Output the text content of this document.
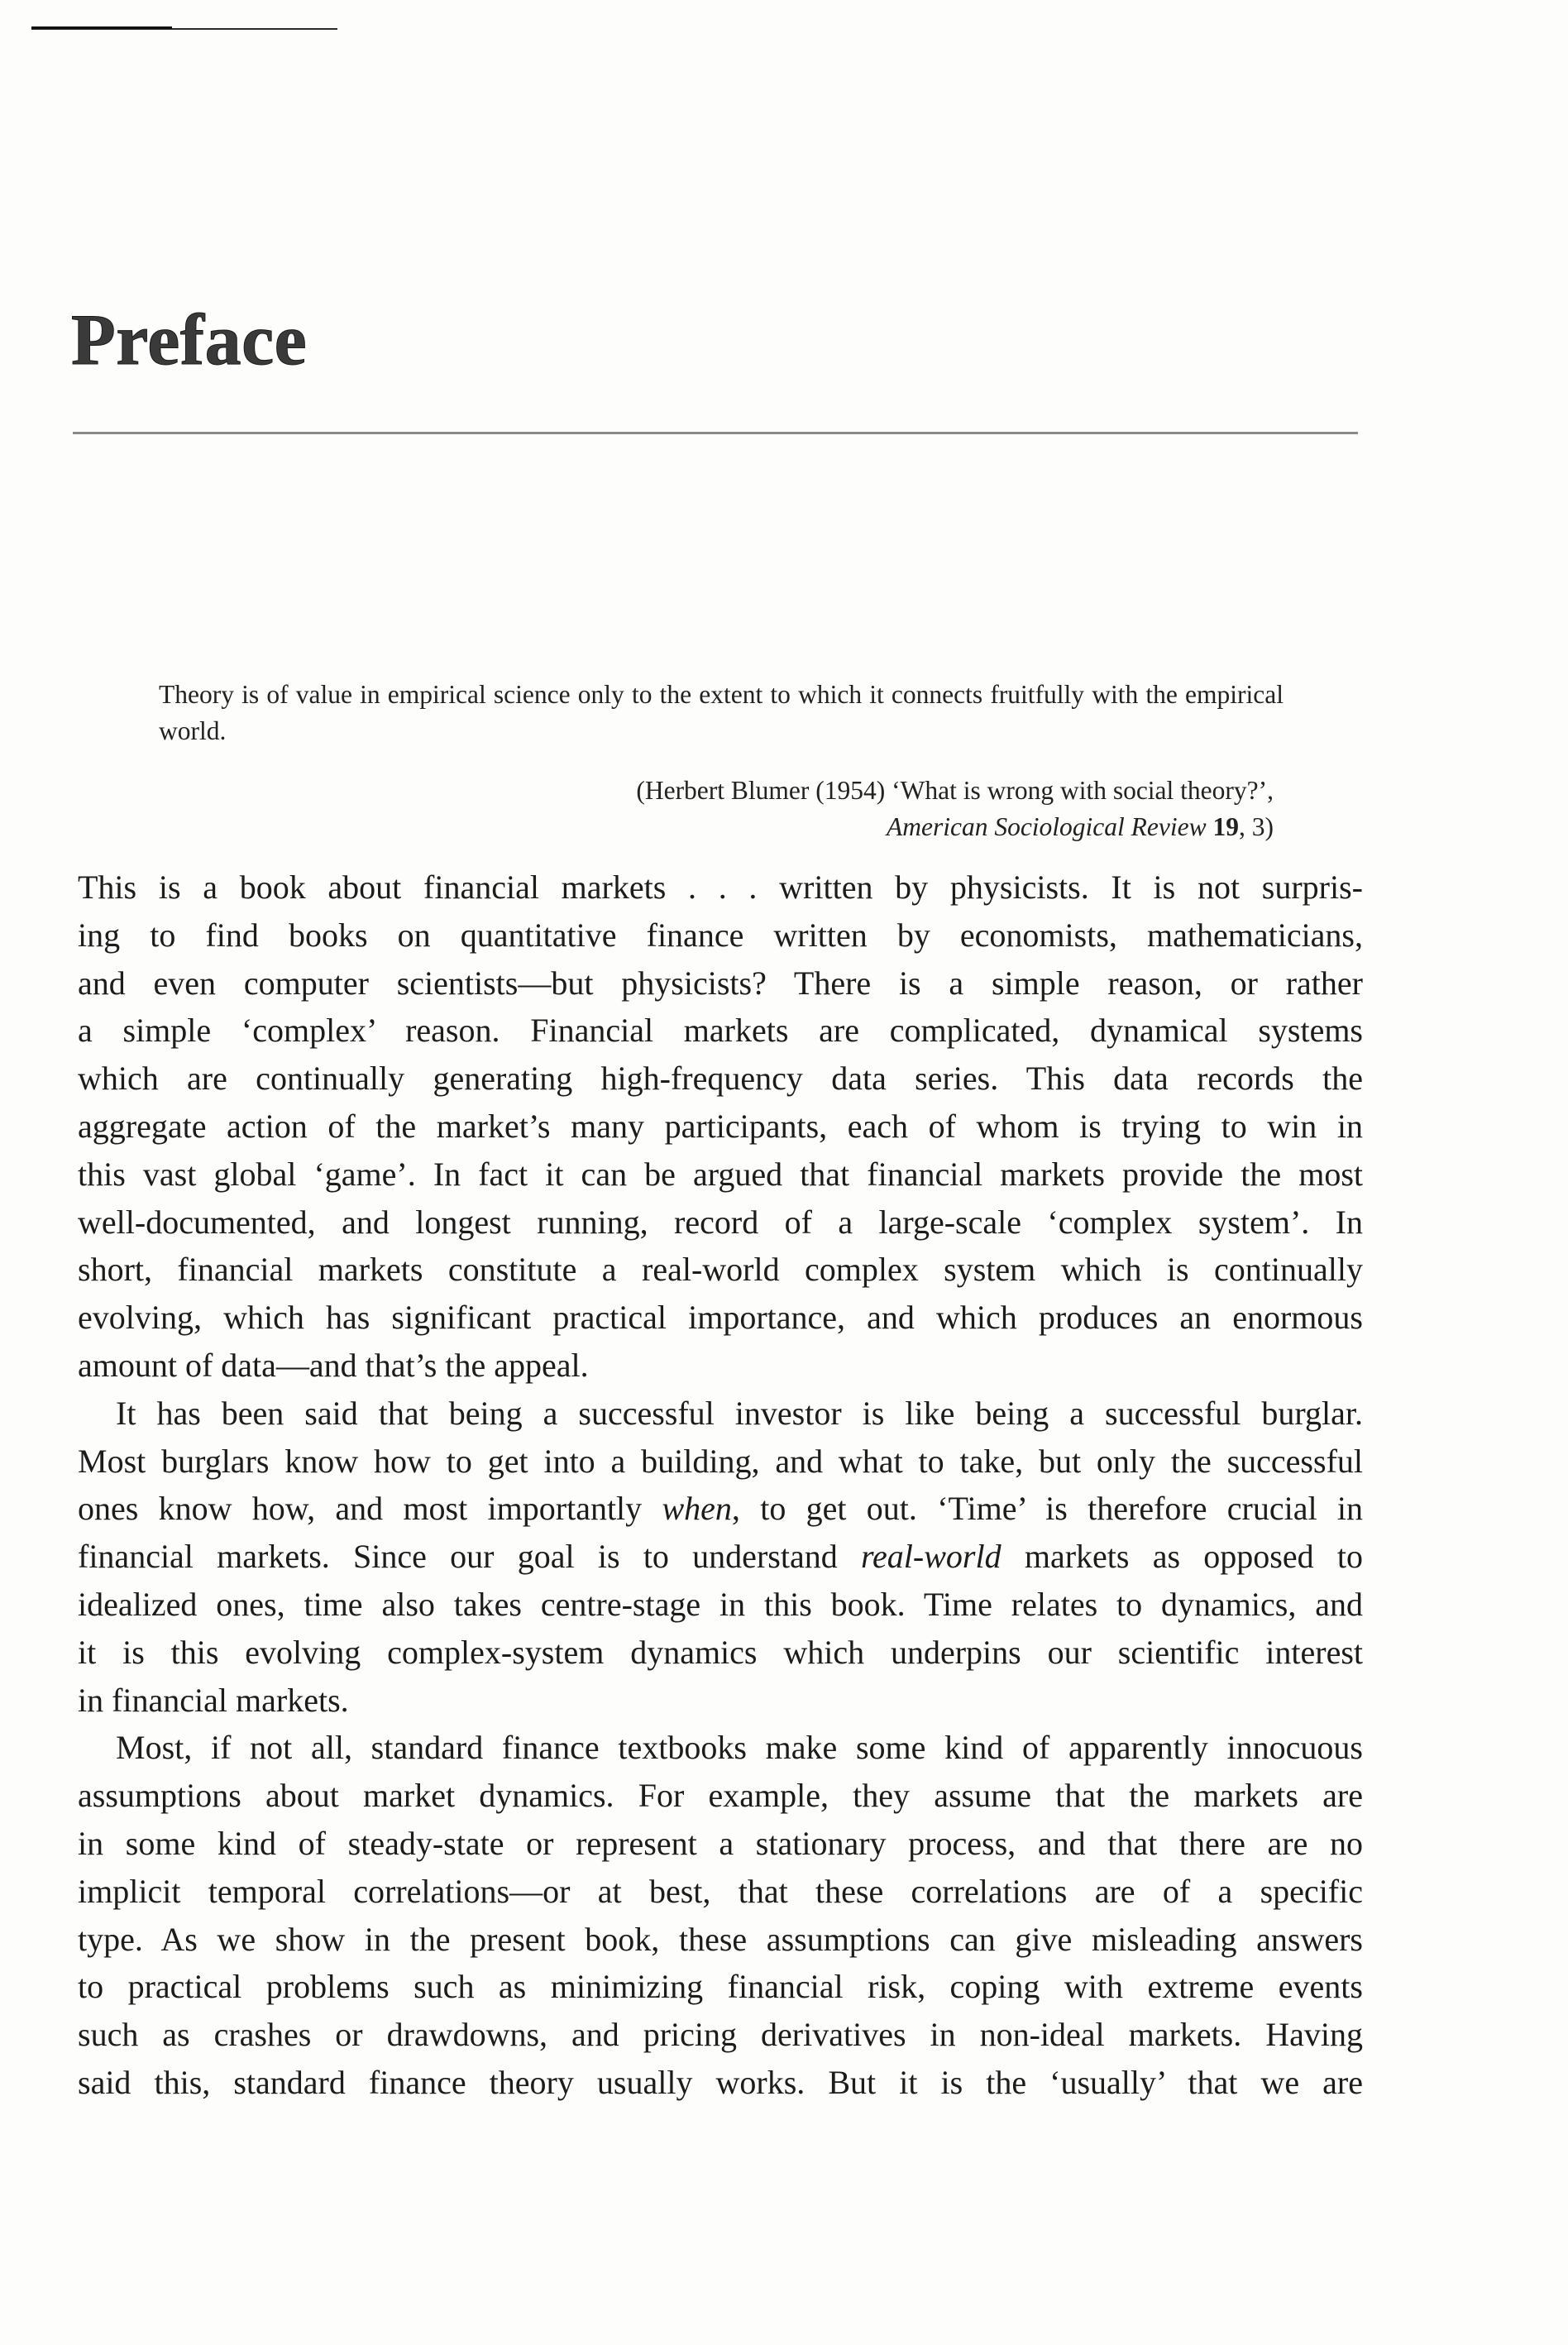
Preface

Theory is of value in empirical science only to the extent to which it connects fruitfully with the empirical world.

(Herbert Blumer (1954) ‘What is wrong with social theory?’,
American Sociological Review 19, 3)
This is a book about financial markets . . . written by physicists. It is not surpris-
ing to find books on quantitative finance written by economists, mathematicians,
and even computer scientists—but physicists? There is a simple reason, or rather
a simple ‘complex’ reason. Financial markets are complicated, dynamical systems
which are continually generating high-frequency data series. This data records the
aggregate action of the market’s many participants, each of whom is trying to win in
this vast global ‘game’. In fact it can be argued that financial markets provide the most
well-documented, and longest running, record of a large-scale ‘complex system’. In
short, financial markets constitute a real-world complex system which is continually
evolving, which has significant practical importance, and which produces an enormous
amount of data—and that’s the appeal.
It has been said that being a successful investor is like being a successful burglar.
Most burglars know how to get into a building, and what to take, but only the successful
ones know how, and most importantly when, to get out. ‘Time’ is therefore crucial in
financial markets. Since our goal is to understand real-world markets as opposed to
idealized ones, time also takes centre-stage in this book. Time relates to dynamics, and
it is this evolving complex-system dynamics which underpins our scientific interest
in financial markets.
Most, if not all, standard finance textbooks make some kind of apparently innocuous
assumptions about market dynamics. For example, they assume that the markets are
in some kind of steady-state or represent a stationary process, and that there are no
implicit temporal correlations—or at best, that these correlations are of a specific
type. As we show in the present book, these assumptions can give misleading answers
to practical problems such as minimizing financial risk, coping with extreme events
such as crashes or drawdowns, and pricing derivatives in non-ideal markets. Having
said this, standard finance theory usually works. But it is the ‘usually’ that we are
